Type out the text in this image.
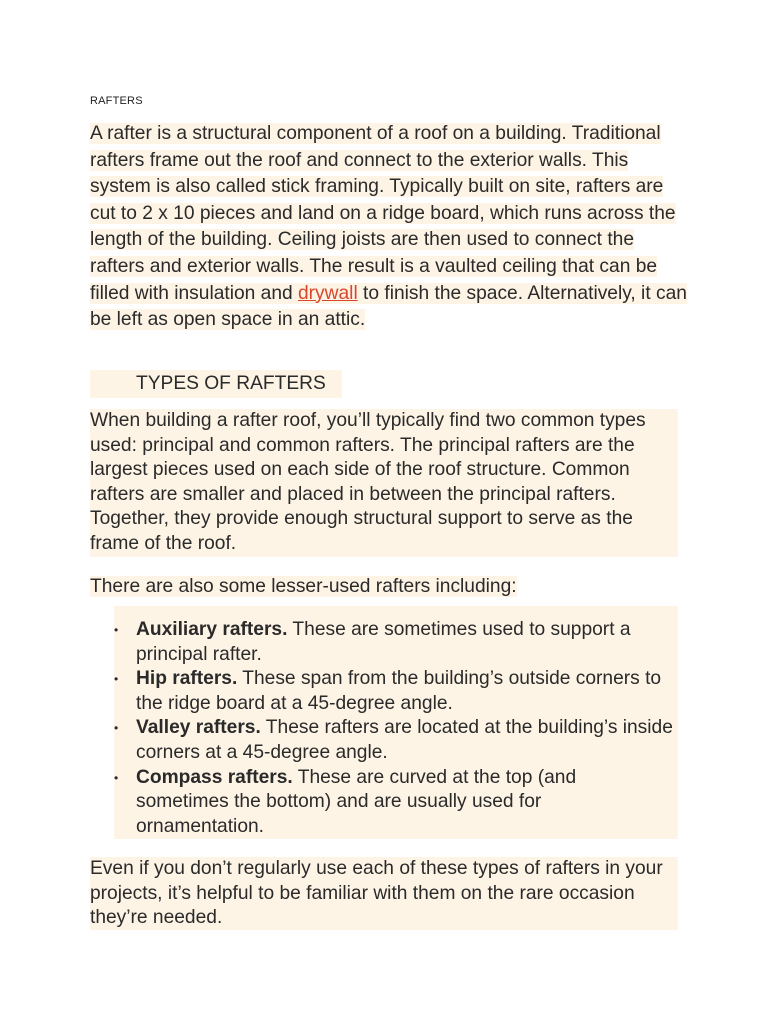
RAFTERS
A rafter is a structural component of a roof on a building. Traditional rafters frame out the roof and connect to the exterior walls. This system is also called stick framing. Typically built on site, rafters are cut to 2 x 10 pieces and land on a ridge board, which runs across the length of the building. Ceiling joists are then used to connect the rafters and exterior walls. The result is a vaulted ceiling that can be filled with insulation and drywall to finish the space. Alternatively, it can be left as open space in an attic.
TYPES OF RAFTERS
When building a rafter roof, you’ll typically find two common types used: principal and common rafters. The principal rafters are the largest pieces used on each side of the roof structure. Common rafters are smaller and placed in between the principal rafters. Together, they provide enough structural support to serve as the frame of the roof.
There are also some lesser-used rafters including:
• Auxiliary rafters. These are sometimes used to support a principal rafter.
• Hip rafters. These span from the building’s outside corners to the ridge board at a 45-degree angle.
• Valley rafters. These rafters are located at the building’s inside corners at a 45-degree angle.
• Compass rafters. These are curved at the top (and sometimes the bottom) and are usually used for ornamentation.
Even if you don’t regularly use each of these types of rafters in your projects, it’s helpful to be familiar with them on the rare occasion they’re needed.
